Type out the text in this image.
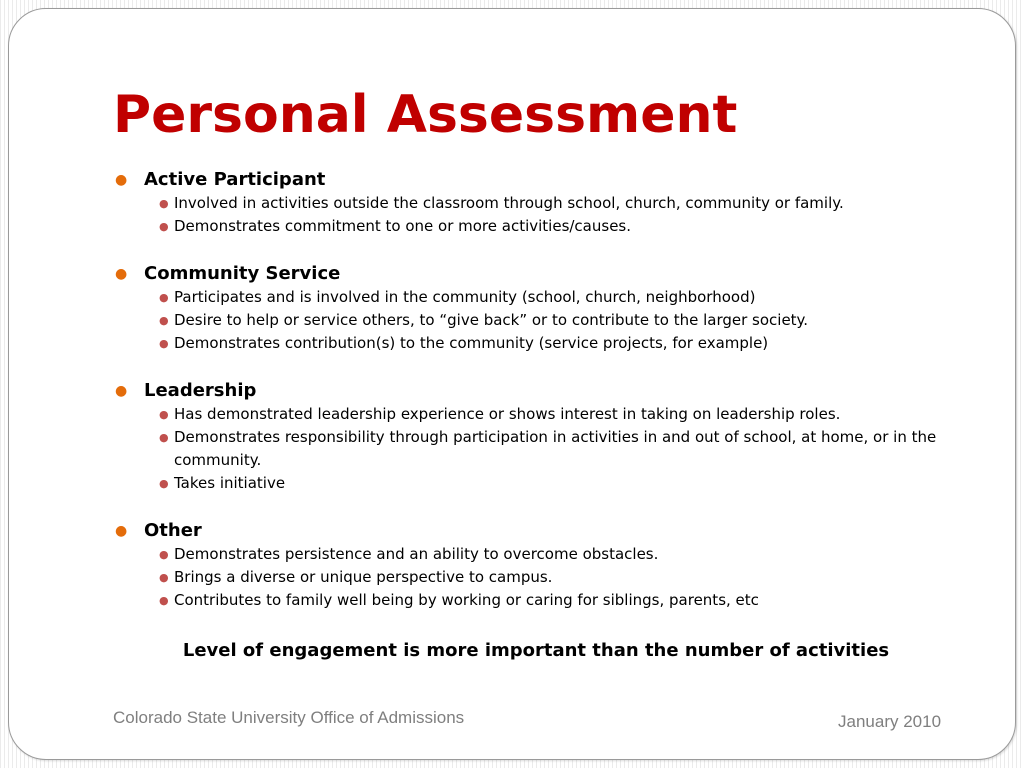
Personal Assessment
● Active Participant
● Involved in activities outside the classroom through school, church, community or family.
● Demonstrates commitment to one or more activities/causes.
● Community Service
● Participates and is involved in the community (school, church, neighborhood)
● Desire to help or service others, to “give back” or to contribute to the larger society.
● Demonstrates contribution(s) to the community (service projects, for example)
● Leadership
● Has demonstrated leadership experience or shows interest in taking on leadership roles.
● Demonstrates responsibility through participation in activities in and out of school, at home, or in the community.
● Takes initiative
● Other
● Demonstrates persistence and an ability to overcome obstacles.
● Brings a diverse or unique perspective to campus.
● Contributes to family well being by working or caring for siblings, parents, etc
Level of engagement is more important than the number of activities
Colorado State University Office of Admissions	January 2010
